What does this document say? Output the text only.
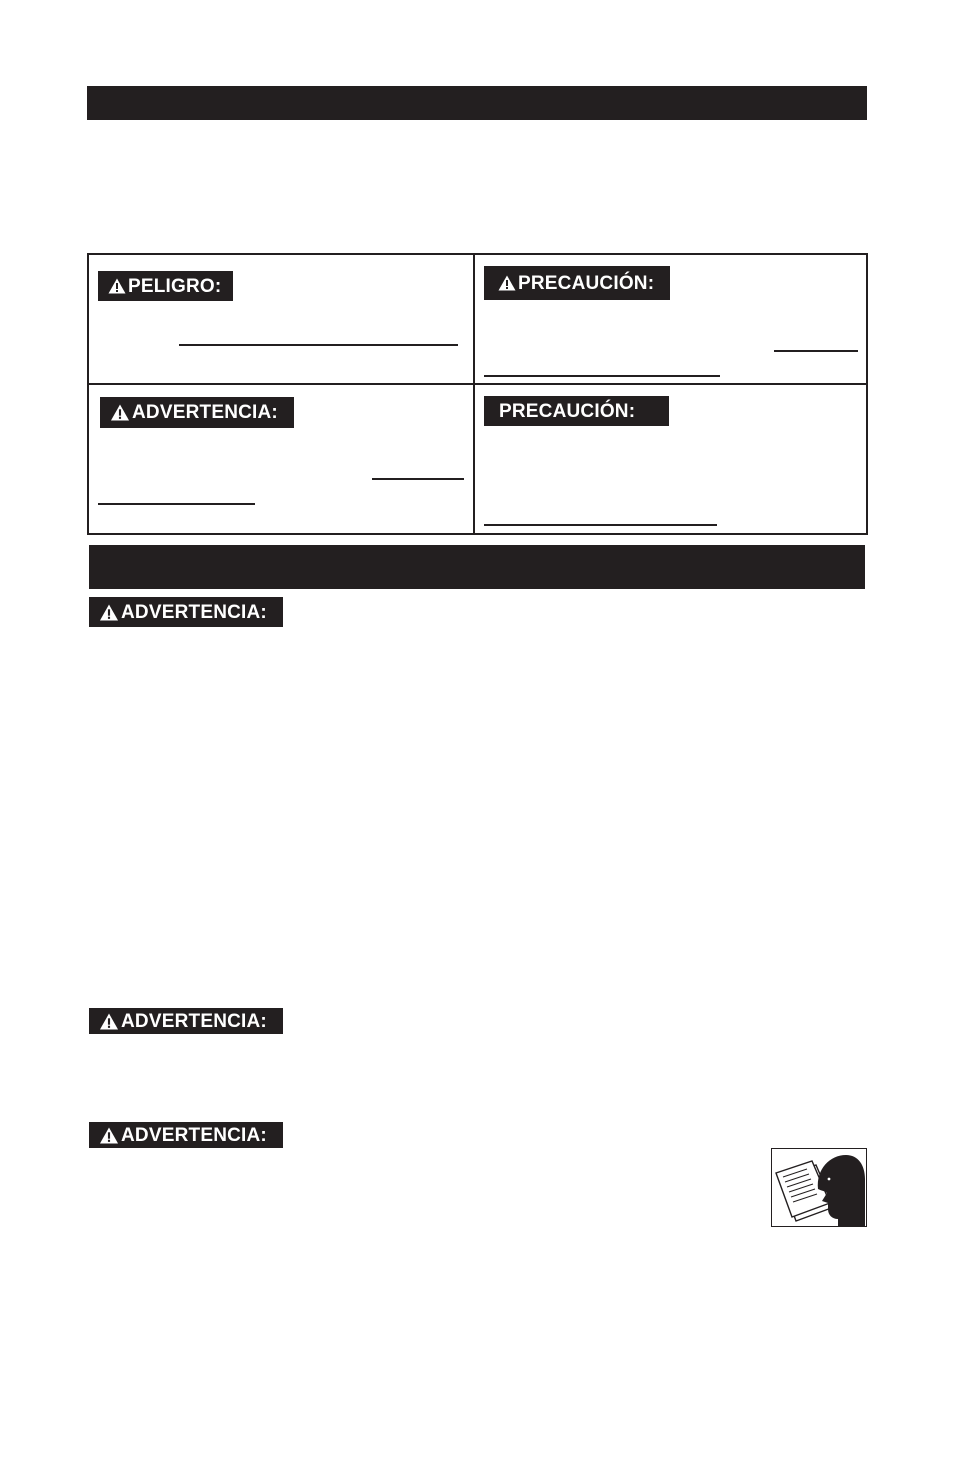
PELIGRO:	PRECAUCIÓN:
ADVERTENCIA:	PRECAUCIÓN:
ADVERTENCIA:
ADVERTENCIA:
ADVERTENCIA:
